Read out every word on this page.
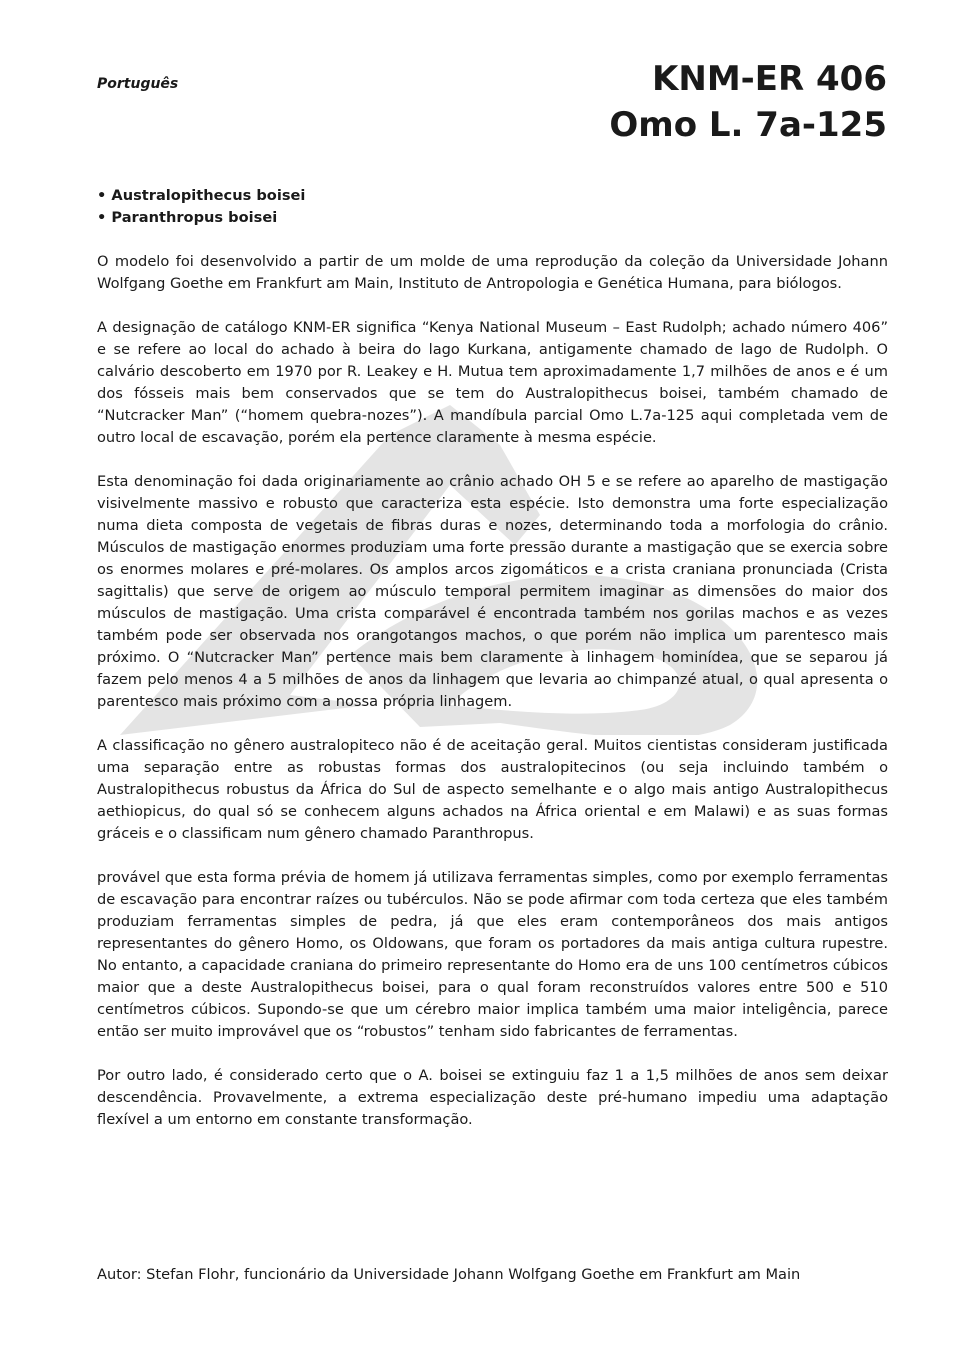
Português	KNM-ER 406
Omo L. 7a-125
• Australopithecus boisei
• Paranthropus boisei

O modelo foi desenvolvido a partir de um molde de uma reprodução da coleção da Universidade Johann Wolfgang Goethe em Frankfurt am Main, Instituto de Antropologia e Genética Humana, para biólogos.

A designação de catálogo KNM-ER significa “Kenya National Museum – East Rudolph; achado número 406” e se refere ao local do achado à beira do lago Kurkana, antigamente chamado de lago de Rudolph. O calvário descoberto em 1970 por R. Leakey e H. Mutua tem aproximadamente 1,7 milhões de anos e é um dos fósseis mais bem conservados que se tem do Australopithecus boisei, também chamado de “Nutcracker Man” (“homem quebra-nozes”). A mandíbula parcial Omo L.7a-125 aqui completada vem de outro local de escavação, porém ela pertence claramente à mesma espécie.

Esta denominação foi dada originariamente ao crânio achado OH 5 e se refere ao aparelho de mastigação visivelmente massivo e robusto que caracteriza esta espécie. Isto demonstra uma forte especialização numa dieta composta de vegetais de fibras duras e nozes, determinando toda a morfologia do crânio. Músculos de mastigação enormes produziam uma forte pressão durante a mastigação que se exercia sobre os enormes molares e pré-molares. Os amplos arcos zigomáticos e a crista craniana pronunciada (Crista sagittalis) que serve de origem ao músculo temporal permitem imaginar as dimensões do maior dos músculos de mastigação. Uma crista comparável é encontrada também nos gorilas machos e as vezes também pode ser observada nos orangotangos machos, o que porém não implica um parentesco mais próximo. O “Nutcracker Man” pertence mais bem claramente à linhagem hominídea, que se separou já fazem pelo menos 4 a 5 milhões de anos da linhagem que levaria ao chimpanzé atual, o qual apresenta o parentesco mais próximo com a nossa própria linhagem.

A classificação no gênero australopiteco não é de aceitação geral. Muitos cientistas consideram justificada uma separação entre as robustas formas dos australopitecinos (ou seja incluindo também o Australopithecus robustus da África do Sul de aspecto semelhante e o algo mais antigo Australopithecus aethiopicus, do qual só se conhecem alguns achados na África oriental e em Malawi) e as suas formas gráceis e o classificam num gênero chamado Paranthropus.

provável que esta forma prévia de homem já utilizava ferramentas simples, como por exemplo ferramentas de escavação para encontrar raízes ou tubérculos. Não se pode afirmar com toda certeza que eles também produziam ferramentas simples de pedra, já que eles eram contemporâneos dos mais antigos representantes do gênero Homo, os Oldowans, que foram os portadores da mais antiga cultura rupestre. No entanto, a capacidade craniana do primeiro representante do Homo era de uns 100 centímetros cúbicos maior que a deste Australopithecus boisei, para o qual foram reconstruídos valores entre 500 e 510 centímetros cúbicos. Supondo-se que um cérebro maior implica também uma maior inteligência, parece então ser muito improvável que os “robustos” tenham sido fabricantes de ferramentas.

Por outro lado, é considerado certo que o A. boisei se extinguiu faz 1 a 1,5 milhões de anos sem deixar descendência. Provavelmente, a extrema especialização deste pré-humano impediu uma adaptação flexível a um entorno em constante transformação.

Autor: Stefan Flohr, funcionário da Universidade Johann Wolfgang Goethe em Frankfurt am Main
